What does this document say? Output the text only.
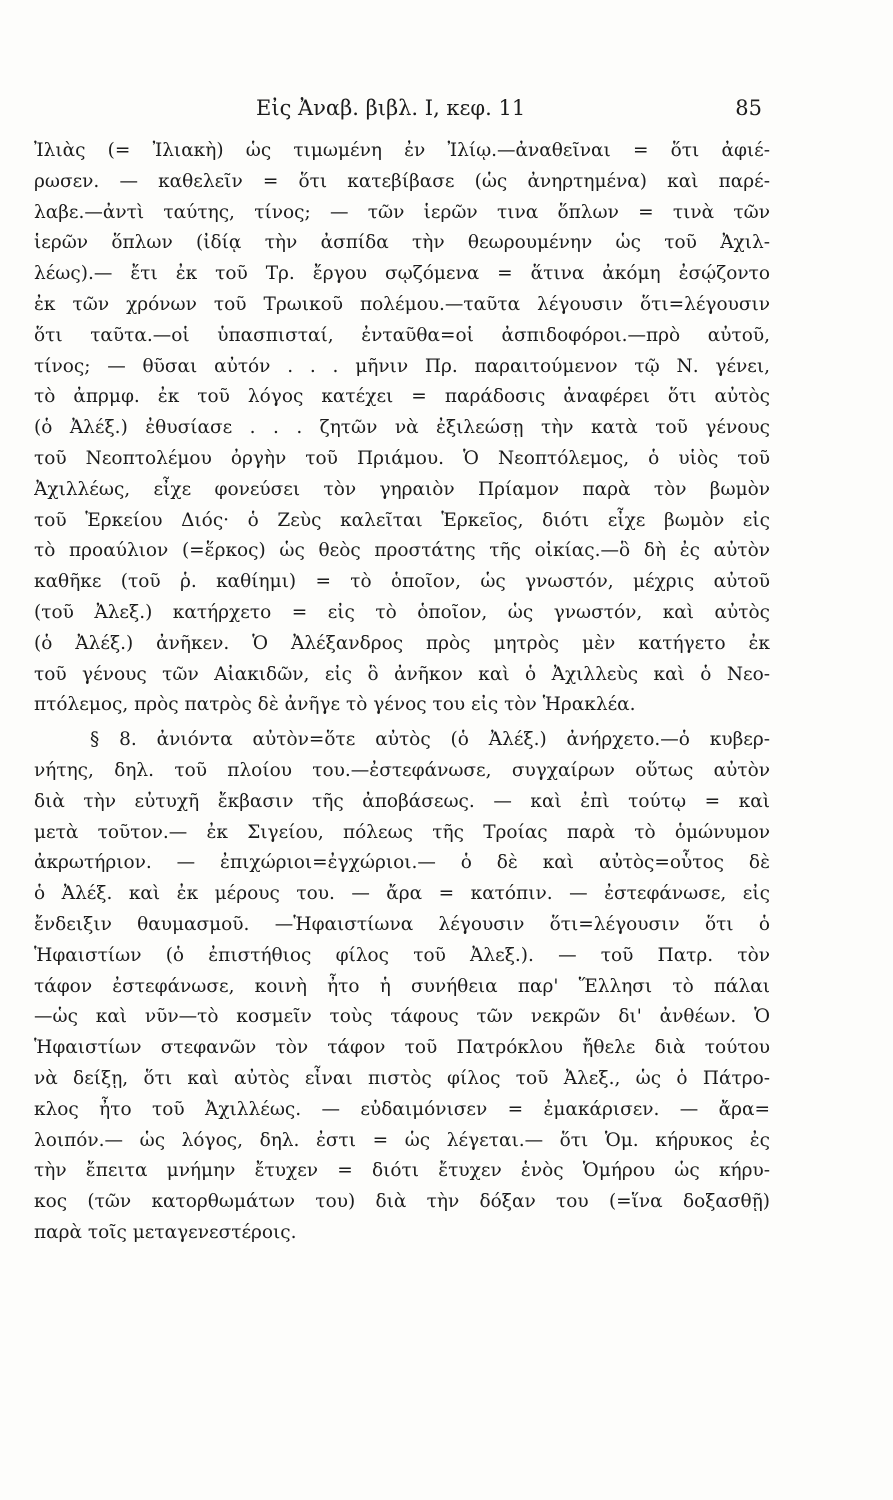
Εἰς Ἀναβ. βιβλ. Ι, κεφ. 11	85
Ἰλιὰς (= Ἰλιακὴ) ὡς τιμωμένη ἐν Ἰλίῳ.—ἀναθεῖναι = ὅτι ἀφιέ-
ρωσεν. — καθελεῖν = ὅτι κατεβίβασε (ὡς ἀνηρτημένα) καὶ παρέ-
λαβε.—ἀντὶ ταύτης, τίνος; — τῶν ἱερῶν τινα ὅπλων = τινὰ τῶν
ἱερῶν ὅπλων (ἰδίᾳ τὴν ἀσπίδα τὴν θεωρουμένην ὡς τοῦ Ἀχιλ-
λέως).— ἔτι ἐκ τοῦ Τρ. ἔργου σῳζόμενα = ἅτινα ἀκόμη ἐσῴζοντο
ἐκ τῶν χρόνων τοῦ Τρωικοῦ πολέμου.—ταῦτα λέγουσιν ὅτι=λέγουσιν
ὅτι ταῦτα.—οἱ ὑπασπισταί, ἐνταῦθα=οἱ ἀσπιδοφόροι.—πρὸ αὐτοῦ,
τίνος; — θῦσαι αὐτόν . . . μῆνιν Πρ. παραιτούμενον τῷ Ν. γένει,
τὸ ἀπρμφ. ἐκ τοῦ λόγος κατέχει = παράδοσις ἀναφέρει ὅτι αὐτὸς
(ὁ Ἀλέξ.) ἐθυσίασε . . . ζητῶν νὰ ἐξιλεώσῃ τὴν κατὰ τοῦ γένους
τοῦ Νεοπτολέμου ὀργὴν τοῦ Πριάμου. Ὁ Νεοπτόλεμος, ὁ υἱὸς τοῦ
Ἀχιλλέως, εἶχε φονεύσει τὸν γηραιὸν Πρίαμον παρὰ τὸν βωμὸν
τοῦ Ἑρκείου Διός· ὁ Ζεὺς καλεῖται Ἑρκεῖος, διότι εἶχε βωμὸν εἰς
τὸ προαύλιον (=ἕρκος) ὡς θεὸς προστάτης τῆς οἰκίας.—ὃ δὴ ἐς αὐτὸν
καθῆκε (τοῦ ῥ. καθίημι) = τὸ ὁποῖον, ὡς γνωστόν, μέχρις αὐτοῦ
(τοῦ Ἀλεξ.) κατήρχετο = εἰς τὸ ὁποῖον, ὡς γνωστόν, καὶ αὐτὸς
(ὁ Ἀλέξ.) ἀνῆκεν. Ὁ Ἀλέξανδρος πρὸς μητρὸς μὲν κατήγετο ἐκ
τοῦ γένους τῶν Αἰακιδῶν, εἰς ὃ ἀνῆκον καὶ ὁ Ἀχιλλεὺς καὶ ὁ Νεο-
πτόλεμος, πρὸς πατρὸς δὲ ἀνῆγε τὸ γένος του εἰς τὸν Ἡρακλέα.
§ 8. ἀνιόντα αὐτὸν=ὅτε αὐτὸς (ὁ Ἀλέξ.) ἀνήρχετο.—ὁ κυβερ-
νήτης, δηλ. τοῦ πλοίου του.—ἐστεφάνωσε, συγχαίρων οὕτως αὐτὸν
διὰ τὴν εὐτυχῆ ἔκβασιν τῆς ἀποβάσεως. — καὶ ἐπὶ τούτῳ = καὶ
μετὰ τοῦτον.— ἐκ Σιγείου, πόλεως τῆς Τροίας παρὰ τὸ ὁμώνυμον
ἀκρωτήριον. — ἐπιχώριοι=ἐγχώριοι.— ὁ δὲ καὶ αὐτὸς=οὗτος δὲ
ὁ Ἀλέξ. καὶ ἐκ μέρους του. — ἄρα = κατόπιν. — ἐστεφάνωσε, εἰς
ἔνδειξιν θαυμασμοῦ. —Ἡφαιστίωνα λέγουσιν ὅτι=λέγουσιν ὅτι ὁ
Ἡφαιστίων (ὁ ἐπιστήθιος φίλος τοῦ Ἀλεξ.). — τοῦ Πατρ. τὸν
τάφον ἐστεφάνωσε, κοινὴ ἦτο ἡ συνήθεια παρ' Ἕλλησι τὸ πάλαι
—ὡς καὶ νῦν—τὸ κοσμεῖν τοὺς τάφους τῶν νεκρῶν δι' ἀνθέων. Ὁ
Ἡφαιστίων στεφανῶν τὸν τάφον τοῦ Πατρόκλου ἤθελε διὰ τούτου
νὰ δείξῃ, ὅτι καὶ αὐτὸς εἶναι πιστὸς φίλος τοῦ Ἀλεξ., ὡς ὁ Πάτρο-
κλος ἦτο τοῦ Ἀχιλλέως. — εὐδαιμόνισεν = ἐμακάρισεν. — ἄρα=
λοιπόν.— ὡς λόγος, δηλ. ἐστι = ὡς λέγεται.— ὅτι Ὁμ. κήρυκος ἐς
τὴν ἔπειτα μνήμην ἔτυχεν = διότι ἔτυχεν ἑνὸς Ὁμήρου ὡς κήρυ-
κος (τῶν κατορθωμάτων του) διὰ τὴν δόξαν του (=ἵνα δοξασθῇ)
παρὰ τοῖς μεταγενεστέροις.
